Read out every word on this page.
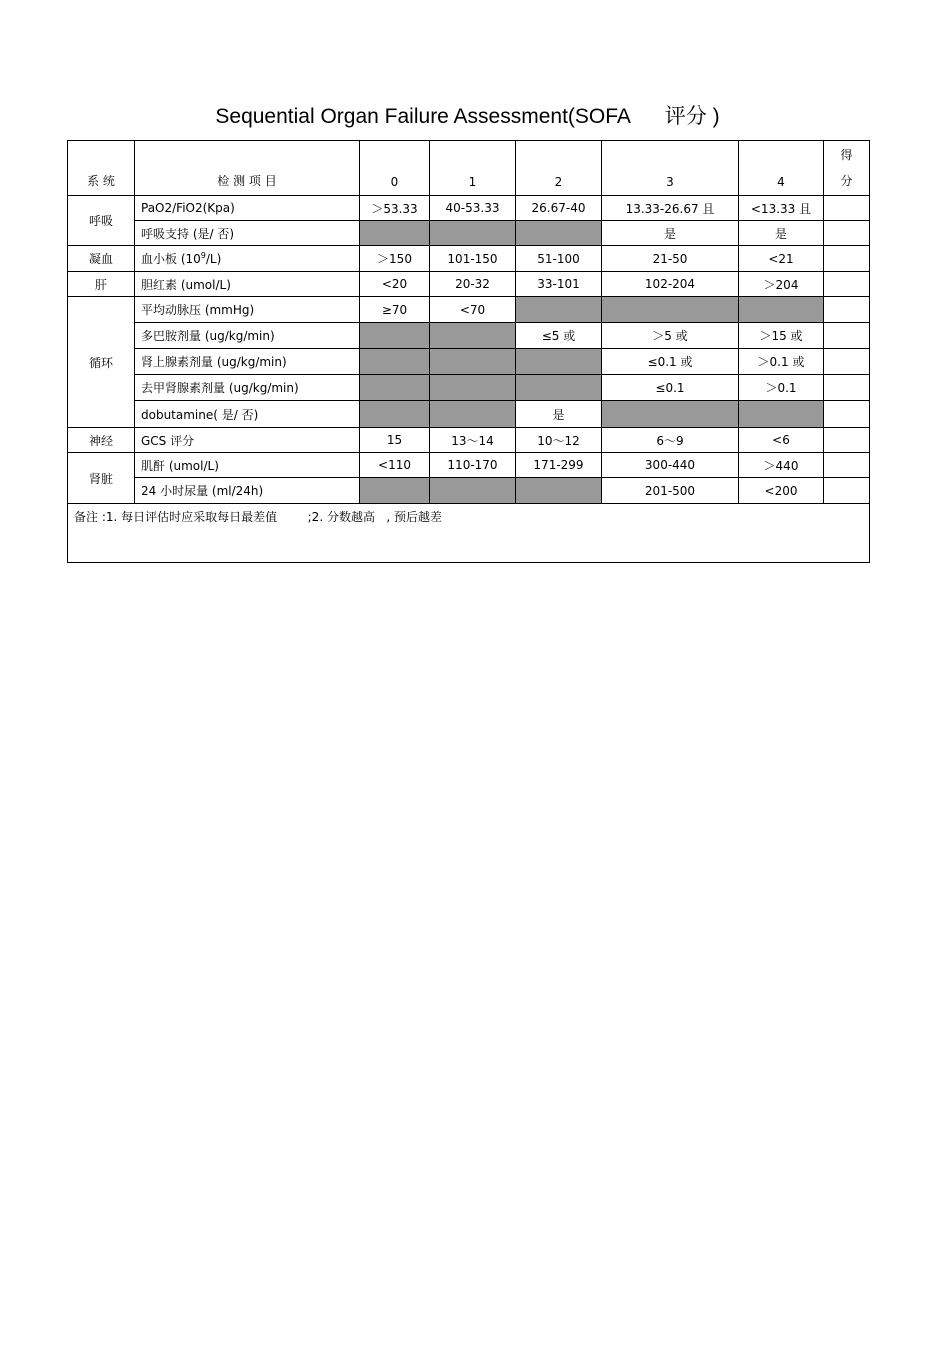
Sequential Organ Failure Assessment(SOFA      评分 )
系 统	检 测 项 目	0	1	2	3	4	得
分
呼吸	PaO2/FiO2(Kpa)	＞53.33	40-53.33	26.67-40	13.33-26.67 且	<13.33 且	
	呼吸支持 (是/ 否)				是	是	
凝血	血小板 $(10^9/L)$	＞150	101-150	51-100	21-50	<21	
肝	胆红素 (umol/L)	<20	20-32	33-101	102-204	＞204	
循环	平均动脉压 (mmHg)	≥70	<70				
	多巴胺剂量 (ug/kg/min)			≤5 或	＞5 或	＞15 或	
	肾上腺素剂量 (ug/kg/min)				≤0.1 或	＞0.1 或	
	去甲肾腺素剂量 (ug/kg/min)				≤0.1	＞0.1	
	dobutamine( 是/ 否)			是			
神经	GCS 评分	15	13～14	10～12	6～9	<6	
肾脏	肌酐 (umol/L)	<110	110-170	171-299	300-440	＞440	
	24 小时尿量 (ml/24h)				201-500	<200	
备注 :1. 每日评估时应采取每日最差值        ;2. 分数越高   , 预后越差							
